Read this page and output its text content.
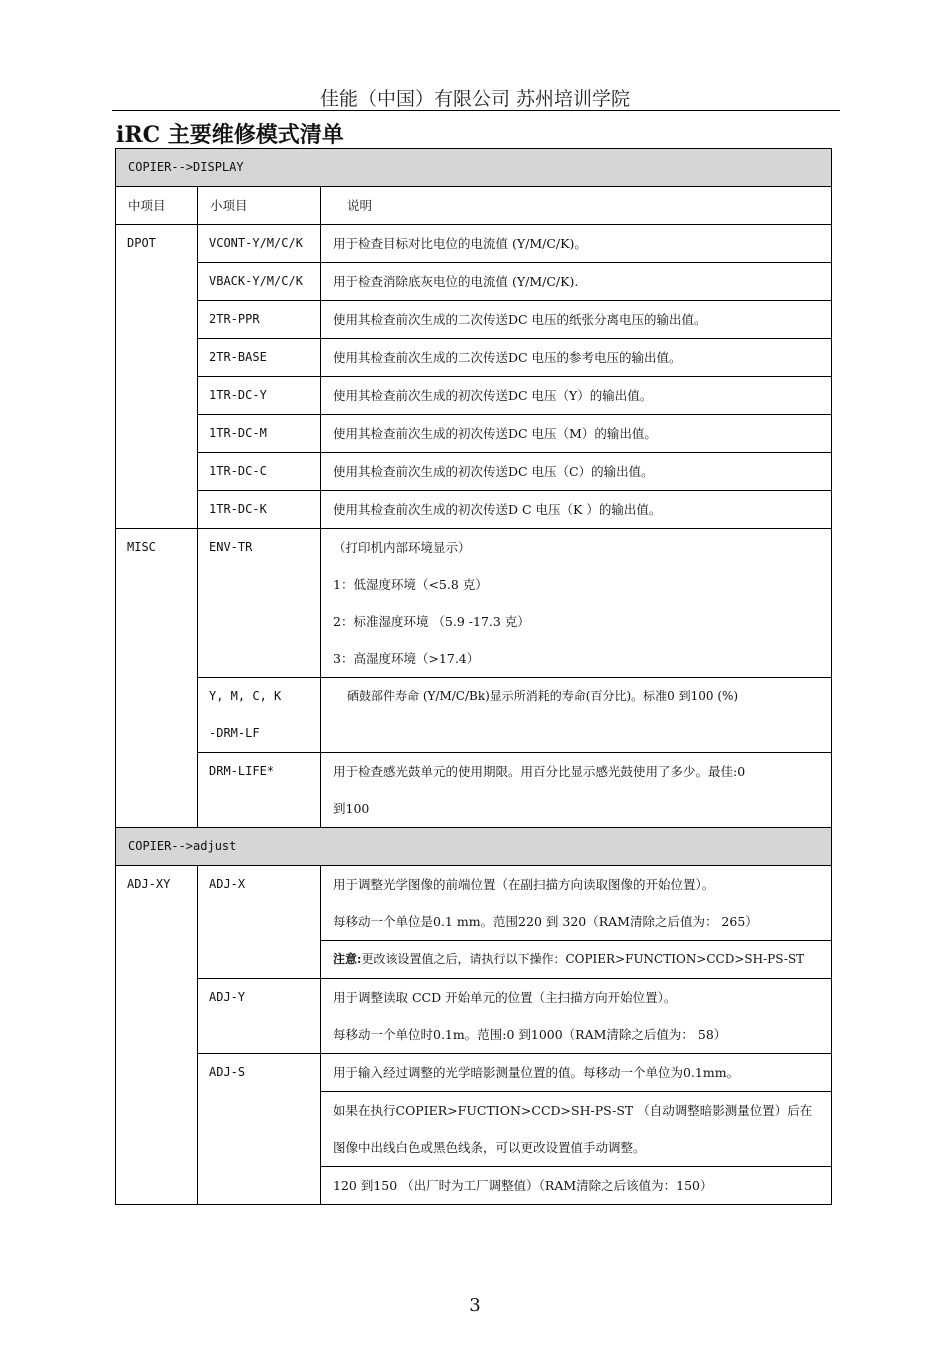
佳能（中国）有限公司 苏州培训学院
iRC 主要维修模式清单
COPIER-->DISPLAY		
中项目	小项目	说明
DPOT	VCONT-Y/M/C/K	用于检查目标对比电位的电流值 (Y/M/C/K)。
	VBACK-Y/M/C/K	用于检查消除底灰电位的电流值 (Y/M/C/K).
	2TR-PPR	使用其检查前次生成的二次传送DC 电压的纸张分离电压的输出值。
	2TR-BASE	使用其检查前次生成的二次传送DC 电压的参考电压的输出值。
	1TR-DC-Y	使用其检查前次生成的初次传送DC 电压（Y）的输出值。
	1TR-DC-M	使用其检查前次生成的初次传送DC 电压（M）的输出值。
	1TR-DC-C	使用其检查前次生成的初次传送DC 电压（C）的输出值。
	1TR-DC-K	使用其检查前次生成的初次传送D C 电压（K ）的输出值。
MISC	ENV-TR	（打印机内部环境显示）
1：低湿度环境（<5.8 克）
2：标准湿度环境 （5.9 -17.3 克）
3：高湿度环境（>17.4）

	Y, M, C, K
-DRM-LF	硒鼓部件寿命 (Y/M/C/Bk)显示所消耗的寿命(百分比)。标准0 到100 (%)
	DRM-LIFE*	用于检查感光鼓单元的使用期限。用百分比显示感光鼓使用了多少。最佳:0
到100

COPIER-->adjust		
ADJ-XY	ADJ-X	用于调整光学图像的前端位置（在副扫描方向读取图像的开始位置）。
每移动一个单位是0.1 mm。范围220 到 320（RAM清除之后值为： 265）

		注意:更改该设置值之后，请执行以下操作：COPIER>FUNCTION>CCD>SH-PS-ST
	ADJ-Y	用于调整读取 CCD 开始单元的位置（主扫描方向开始位置）。
每移动一个单位时0.1m。范围:0 到1000（RAM清除之后值为： 58）

	ADJ-S	用于输入经过调整的光学暗影测量位置的值。每移动一个单位为0.1mm。

		如果在执行COPIER>FUCTION>CCD>SH-PS-ST （自动调整暗影测量位置）后在
图像中出线白色或黑色线条，可以更改设置值手动调整。

		120 到150 （出厂时为工厂调整值）（RAM清除之后该值为：150）
3
